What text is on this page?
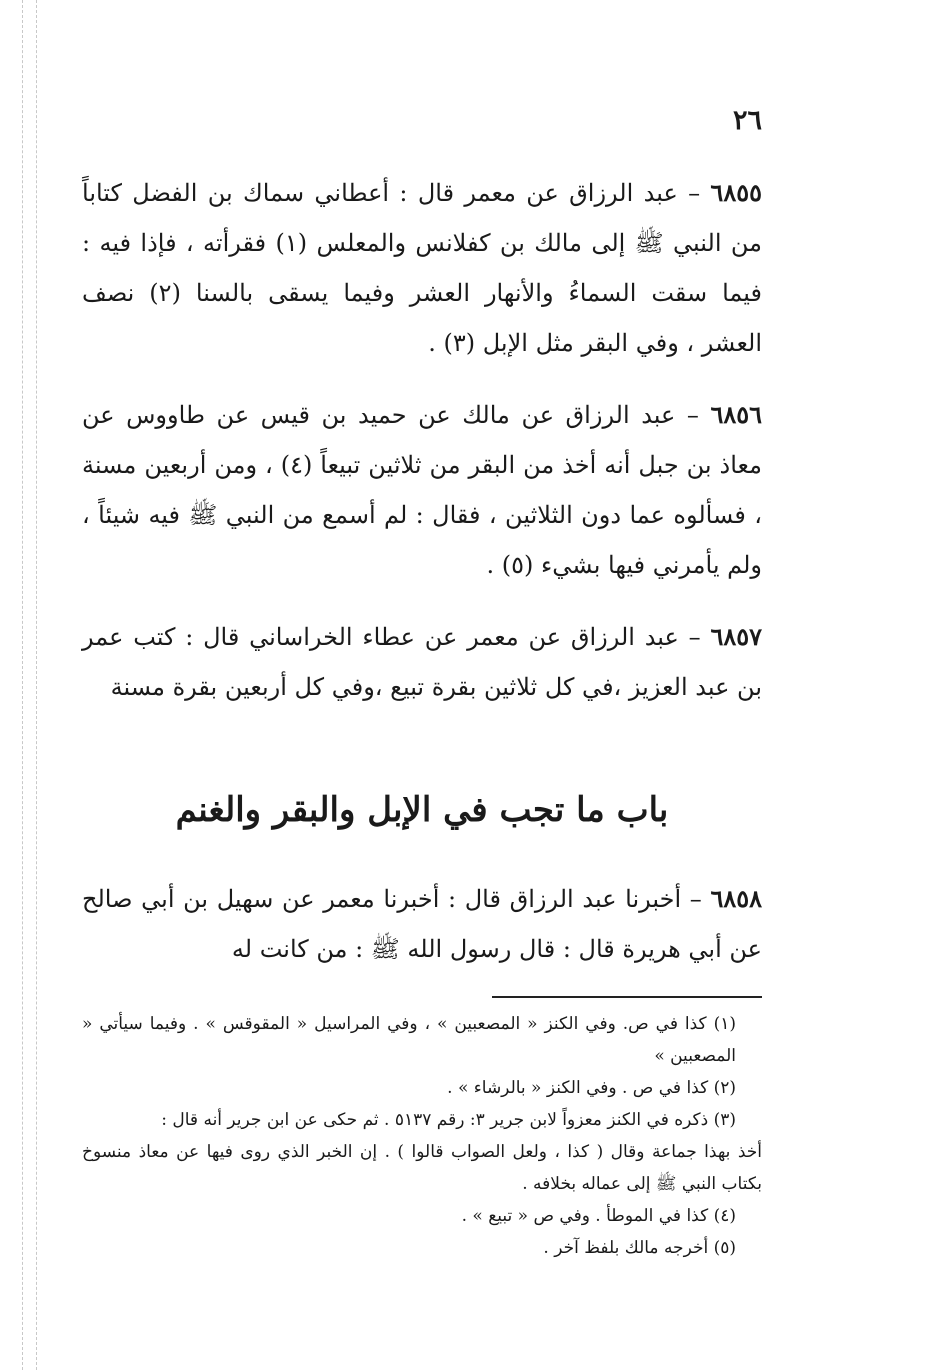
٢٦

٦٨٥٥ – عبد الرزاق عن معمر قال : أعطاني سماك بن الفضل كتاباً من النبي ﷺ إلى مالك بن كفلانس والمعلس (١) فقرأته ، فإذا فيه : فيما سقت السماءُ والأنهار العشر وفيما يسقى بالسنا (٢) نصف العشر ، وفي البقر مثل الإبل (٣) .

٦٨٥٦ – عبد الرزاق عن مالك عن حميد بن قيس عن طاووس عن معاذ بن جبل أنه أخذ من البقر من ثلاثين تبيعاً (٤) ، ومن أربعين مسنة ، فسألوه عما دون الثلاثين ، فقال : لم أسمع من النبي ﷺ فيه شيئاً ، ولم يأمرني فيها بشيء (٥) .

٦٨٥٧ – عبد الرزاق عن معمر عن عطاء الخراساني قال : كتب عمر بن عبد العزيز ،في كل ثلاثين بقرة تبيع ،وفي كل أربعين بقرة مسنة

باب ما تجب في الإبل والبقر والغنم

٦٨٥٨ – أخبرنا عبد الرزاق قال : أخبرنا معمر عن سهيل بن أبي صالح عن أبي هريرة قال : قال رسول الله ﷺ : من كانت له

(١) كذا في ص. وفي الكنز « المصعبين » ، وفي المراسيل « المقوقس » . وفيما سيأتي « المصعبين »

(٢) كذا في ص . وفي الكنز « بالرشاء » .

(٣) ذكره في الكنز معزواً لابن جرير ٣: رقم ٥١٣٧ . ثم حكى عن ابن جرير أنه قال :

أخذ بهذا جماعة وقال ( كذا ، ولعل الصواب قالوا ) . إن الخبر الذي روى فيها عن معاذ منسوخ بكتاب النبي ﷺ إلى عماله بخلافه .

(٤) كذا في الموطأ . وفي ص « تبيع » .

(٥) أخرجه مالك بلفظ آخر .
